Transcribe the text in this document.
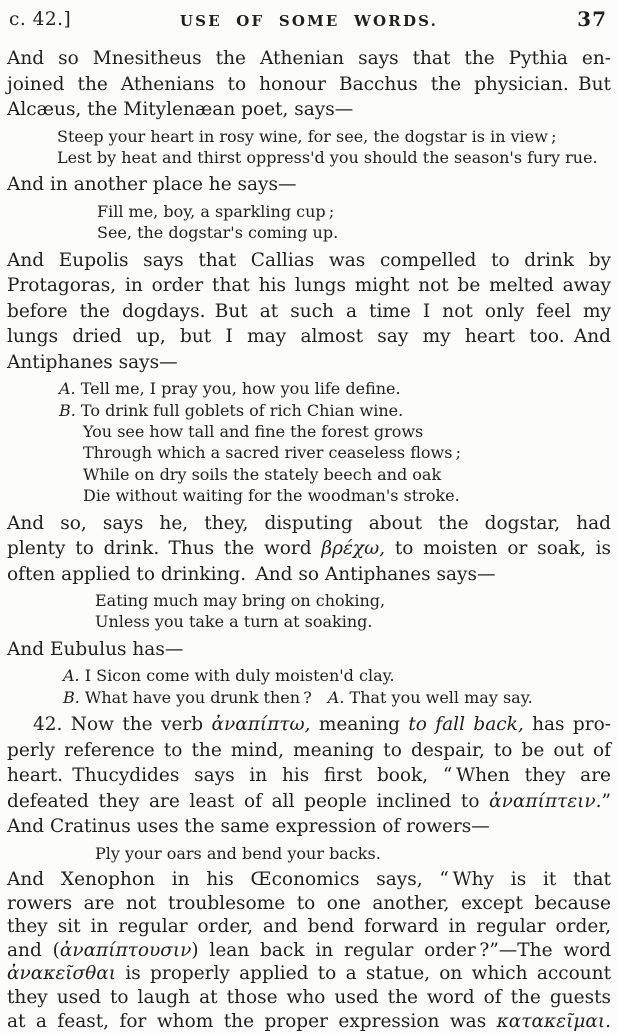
c. 42.]	USE OF SOME WORDS.	37
And so Mnesitheus the Athenian says that the Pythia en-
joined the Athenians to honour Bacchus the physician. But
Alcæus, the Mitylenæan poet, says—
Steep your heart in rosy wine, for see, the dogstar is in view ;
Lest by heat and thirst oppress'd you should the season's fury rue.
And in another place he says—
Fill me, boy, a sparkling cup ;
See, the dogstar's coming up.
And Eupolis says that Callias was compelled to drink by
Protagoras, in order that his lungs might not be melted away
before the dogdays. But at such a time I not only feel my
lungs dried up, but I may almost say my heart too. And
Antiphanes says—
A. Tell me, I pray you, how you life define.
B. To drink full goblets of rich Chian wine.
You see how tall and fine the forest grows
Through which a sacred river ceaseless flows ;
While on dry soils the stately beech and oak
Die without waiting for the woodman's stroke.
And so, says he, they, disputing about the dogstar, had
plenty to drink. Thus the word βρέχω, to moisten or soak, is
often applied to drinking. And so Antiphanes says—
Eating much may bring on choking,
Unless you take a turn at soaking.
And Eubulus has—
A. I Sicon come with duly moisten'd clay.
B. What have you drunk then ? A. That you well may say.
42. Now the verb ἀναπίπτω, meaning to fall back, has pro-
perly reference to the mind, meaning to despair, to be out of
heart. Thucydides says in his first book, “ When they are
defeated they are least of all people inclined to ἀναπίπτειν.”
And Cratinus uses the same expression of rowers—
Ply your oars and bend your backs.
And Xenophon in his Œconomics says, “ Why is it that
rowers are not troublesome to one another, except because
they sit in regular order, and bend forward in regular order,
and (ἀναπίπτουσιν) lean back in regular order ?”—The word
ἀνακεῖσθαι is properly applied to a statue, on which account
they used to laugh at those who used the word of the guests
at a feast, for whom the proper expression was κατακεῖμαι.
